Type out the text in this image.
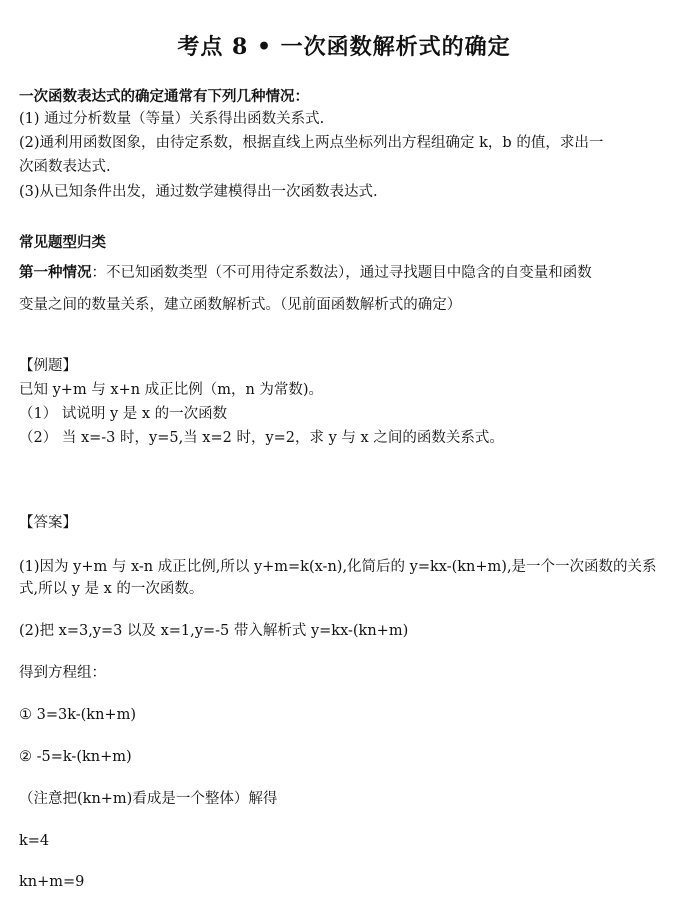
考点 8 • 一次函数解析式的确定
一次函数表达式的确定通常有下列几种情况：
(1) 通过分析数量（等量）关系得出函数关系式.
(2)通利用函数图象，由待定系数，根据直线上两点坐标列出方程组确定 k，b 的值，求出一
次函数表达式.
(3)从已知条件出发，通过数学建模得出一次函数表达式.
常见题型归类
第一种情况：不已知函数类型（不可用待定系数法），通过寻找题目中隐含的自变量和函数
变量之间的数量关系，建立函数解析式。（见前面函数解析式的确定）
【例题】
已知 y+m 与 x+n 成正比例（m，n 为常数)。
（1） 试说明 y 是 x 的一次函数
（2） 当 x=-3 时，y=5,当 x=2 时，y=2，求 y 与 x 之间的函数关系式。
【答案】
(1)因为 y+m 与 x-n 成正比例,所以 y+m=k(x-n),化简后的 y=kx-(kn+m),是一个一次函数的关系
式,所以 y 是 x 的一次函数。
(2)把 x=3,y=3 以及 x=1,y=-5 带入解析式 y=kx-(kn+m)
得到方程组：
① 3=3k-(kn+m)
② -5=k-(kn+m)
（注意把(kn+m)看成是一个整体）解得
k=4
kn+m=9
